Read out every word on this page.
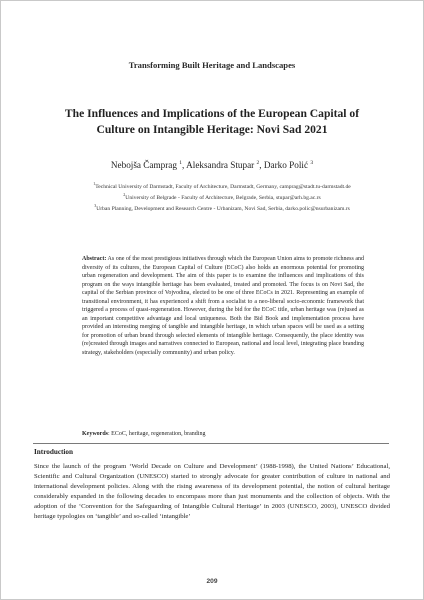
Transforming Built Heritage and Landscapes
The Influences and Implications of the European Capital of Culture on Intangible Heritage: Novi Sad 2021
Nebojša Čamprag $^1$, Aleksandra Stupar $^2$, Darko Polić $^3$
$^1$Technical University of Darmstadt, Faculty of Architecture, Darmstadt, Germany, camprag@stadt.tu-darmstadt.de
$^2$University of Belgrade - Faculty of Architecture, Belgrade, Serbia, stupar@arh.bg.ac.rs
$^3$Urban Planning, Development and Research Centre - Urbanizam, Novi Sad, Serbia, darko.polic@nsurbanizam.rs
Abstract: As one of the most prestigious initiatives through which the European Union aims to promote richness and diversity of its cultures, the European Capital of Culture (ECoC) also holds an enormous potential for promoting urban regeneration and development. The aim of this paper is to examine the influences and implications of this program on the ways intangible heritage has been evaluated, treated and promoted. The focus is on Novi Sad, the capital of the Serbian province of Vojvodina, elected to be one of three ECoCs in 2021. Representing an example of transitional environment, it has experienced a shift from a socialist to a neo-liberal socio-economic framework that triggered a process of quasi-regeneration. However, during the bid for the ECoC title, urban heritage was (re)used as an important competitive advantage and local uniqueness. Both the Bid Book and implementation process have provided an interesting merging of tangible and intangible heritage, in which urban spaces will be used as a setting for promotion of urban brand through selected elements of intangible heritage. Consequently, the place identity was (re)created through images and narratives connected to European, national and local level, integrating place branding strategy, stakeholders (especially community) and urban policy.
Keywords: ECoC, heritage, regeneration, branding
Introduction
Since the launch of the program ‘World Decade on Culture and Development’ (1988-1998), the United Nations’ Educational, Scientific and Cultural Organization (UNESCO) started to strongly advocate for greater contribution of culture in national and international development policies. Along with the rising awareness of its development potential, the notion of cultural heritage considerably expanded in the following decades to encompass more than just monuments and the collection of objects. With the adoption of the ‘Convention for the Safeguarding of Intangible Cultural Heritage’ in 2003 (UNESCO, 2003), UNESCO divided heritage typologies on ‘tangible’ and so-called ‘intangible’
209
